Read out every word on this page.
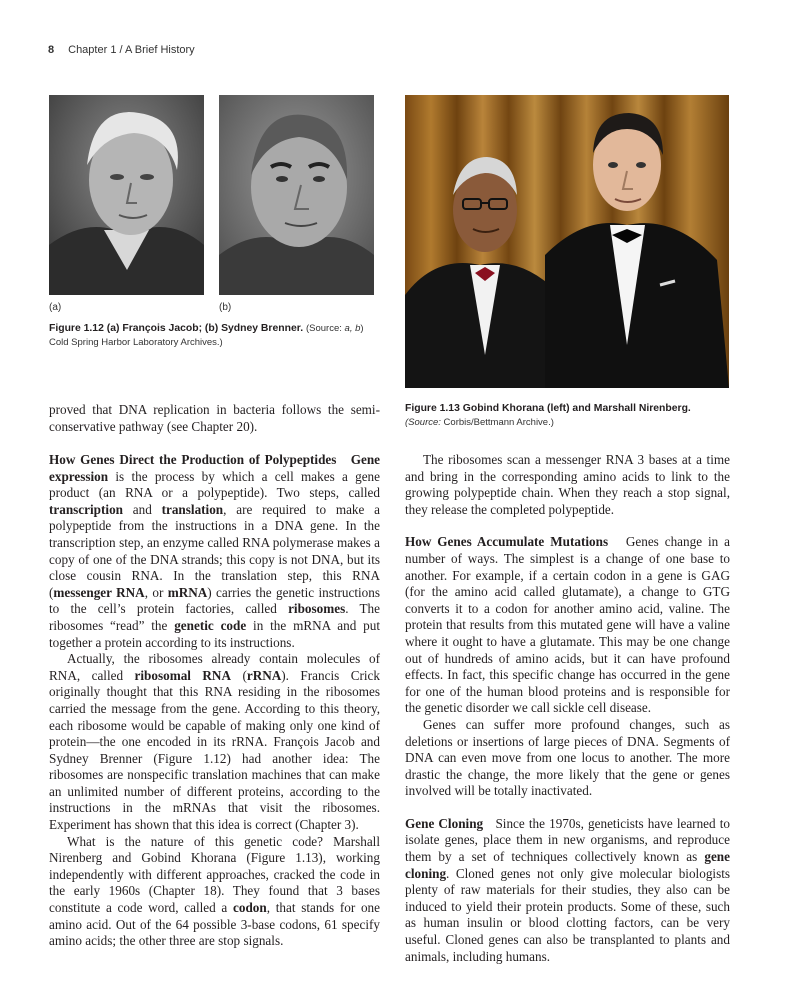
8 Chapter 1 / A Brief History
(a)	(b)
Figure 1.12 (a) François Jacob; (b) Sydney Brenner. (Source: a, b)
Cold Spring Harbor Laboratory Archives.)
Figure 1.13 Gobind Khorana (left) and Marshall Nirenberg.
(Source: Corbis/Bettmann Archive.)

proved that DNA replication in bacteria follows the semi-conservative pathway (see Chapter 20).

How Genes Direct the Production of Polypeptides Gene expression is the process by which a cell makes a gene product (an RNA or a polypeptide). Two steps, called transcription and translation, are required to make a polypeptide from the instructions in a DNA gene. In the transcription step, an enzyme called RNA polymerase makes a copy of one of the DNA strands; this copy is not DNA, but its close cousin RNA. In the translation step, this RNA (messenger RNA, or mRNA) carries the genetic instructions to the cell’s protein factories, called ribosomes. The ribosomes “read” the genetic code in the mRNA and put together a protein according to its instructions.

Actually, the ribosomes already contain molecules of RNA, called ribosomal RNA (rRNA). Francis Crick originally thought that this RNA residing in the ribosomes carried the message from the gene. According to this theory, each ribosome would be capable of making only one kind of protein—the one encoded in its rRNA. François Jacob and Sydney Brenner (Figure 1.12) had another idea: The ribosomes are nonspecific translation machines that can make an unlimited number of different proteins, according to the instructions in the mRNAs that visit the ribosomes. Experiment has shown that this idea is correct (Chapter 3).

What is the nature of this genetic code? Marshall Nirenberg and Gobind Khorana (Figure 1.13), working independently with different approaches, cracked the code in the early 1960s (Chapter 18). They found that 3 bases constitute a code word, called a codon, that stands for one amino acid. Out of the 64 possible 3-base codons, 61 specify amino acids; the other three are stop signals.

The ribosomes scan a messenger RNA 3 bases at a time and bring in the corresponding amino acids to link to the growing polypeptide chain. When they reach a stop signal, they release the completed polypeptide.

How Genes Accumulate Mutations Genes change in a number of ways. The simplest is a change of one base to another. For example, if a certain codon in a gene is GAG (for the amino acid called glutamate), a change to GTG converts it to a codon for another amino acid, valine. The protein that results from this mutated gene will have a valine where it ought to have a glutamate. This may be one change out of hundreds of amino acids, but it can have profound effects. In fact, this specific change has occurred in the gene for one of the human blood proteins and is responsible for the genetic disorder we call sickle cell disease.

Genes can suffer more profound changes, such as deletions or insertions of large pieces of DNA. Segments of DNA can even move from one locus to another. The more drastic the change, the more likely that the gene or genes involved will be totally inactivated.

Gene Cloning Since the 1970s, geneticists have learned to isolate genes, place them in new organisms, and reproduce them by a set of techniques collectively known as gene cloning. Cloned genes not only give molecular biologists plenty of raw materials for their studies, they also can be induced to yield their protein products. Some of these, such as human insulin or blood clotting factors, can be very useful. Cloned genes can also be transplanted to plants and animals, including humans.
